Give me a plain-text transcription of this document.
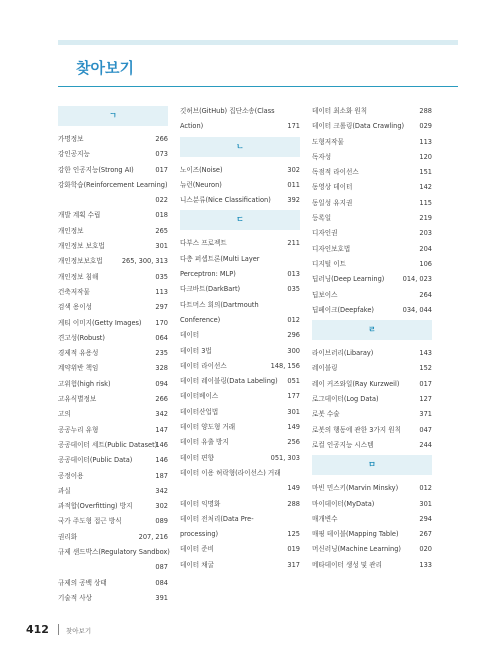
찾아보기
ㄱ
가명정보	266
강인공지능	073
강한 인공지능(Strong AI)	017
강화학습(Reinforcement Learning)
022
개발 계획 수립	018
개인정보	265
개인정보 보호법	301
개인정보보호법	265, 300, 313
개인정보 침해	035
건축저작물	113
검색 용이성	297
게티 이미지(Getty Images) 170
견고성(Robust)	064
경제적 유용성	235
계약위반 책임	328
고위험(high risk)	094
고유식별정보	266
고의	342
공공누리 유형	147
공공데이터 세트(Public Dataset)
146
공공데이터(Public Data)	146
공정이용	187
과실	342
과적합(Overfitting) 방지	302
국가 주도형 접근 방식	089
권리화	207, 216
규제 샌드박스(Regulatory Sandbox)
087
규제의 공백 상태	084
기술적 사상	391
깃허브(GitHub) 집단소송(Class
Action)	171
ㄴ
노이즈(Noise)	302
뉴런(Neuron)	011
니스분류(Nice Classification)	392
ㄷ
다부스 프로젝트	211
다층 퍼셉트론(Multi Layer
Perceptron: MLP)	013
다크바트(DarkBart)	035
다트머스 회의(Dartmouth
Conference)	012
데이터	296
데이터 3법	300
데이터 라이선스	148, 156
데이터 레이블링(Data Labeling) 051
데이터베이스	177
데이터산업법	301
데이터 양도형 거래	149
데이터 유출 방지	256
데이터 편향	051, 303
데이터 이용 허락형(라이선스) 거래
149
데이터 익명화	288
데이터 전처리(Data Pre-
processing)	125
데이터 준비	019
데이터 채굴	317
데이터 최소화 원칙	288
데이터 크롤링(Data Crawling) 029
도형저작물	113
독자성	120
독점적 라이선스	151
동영상 데이터	142
동일성 유지권	115
등록일	219
디자인권	203
디자인보호법	204
디지털 이트	106
딥러닝(Deep Learning)	014, 023
딥보이스	264
딥페이크(Deepfake)	034, 044
ㄹ
라이브러리(Libaray)	143
레이블링	152
레이 커즈와일(Ray Kurzweil)	017
로그데이터(Log Data)	127
로봇 수술	371
로봇의 행동에 관한 3가지 원칙	047
로컬 인공지능 시스템	244
ㅁ
마빈 민스키(Marvin Minsky)	012
마이데이터(MyData)	301
매개변수	294
매핑 테이블(Mapping Table)	267
머신러닝(Machine Learning)	020
메타데이터 생성 및 관리	133
412	찾아보기
